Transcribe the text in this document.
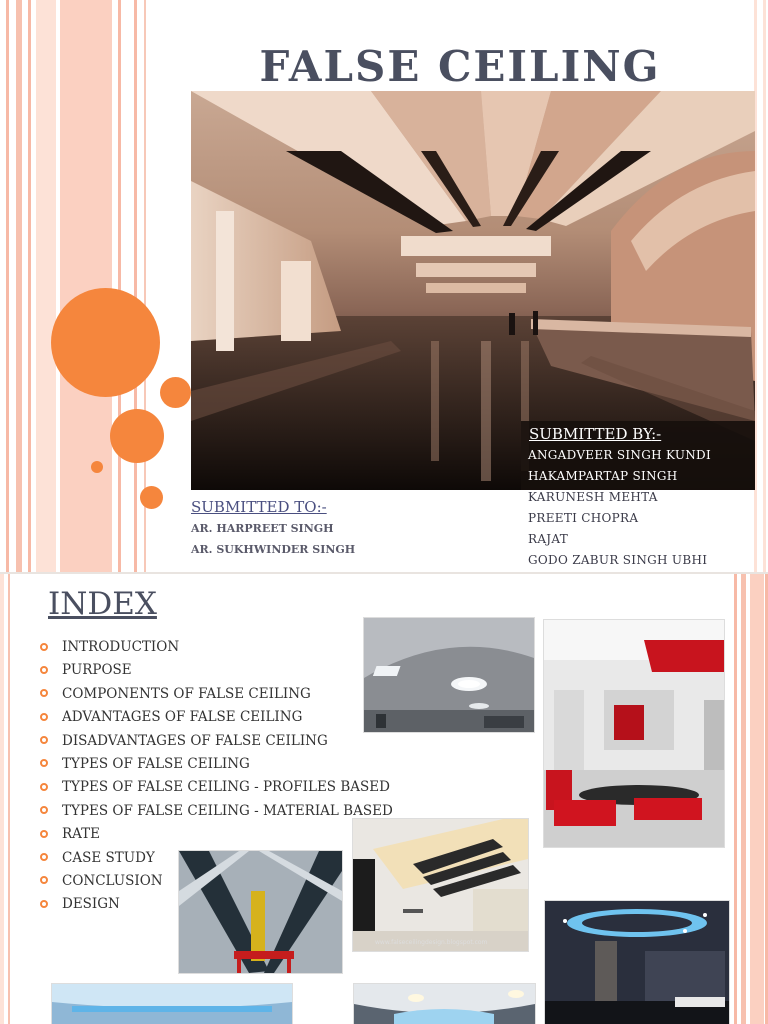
FALSE CEILING
SUBMITTED TO:-
AR. HARPREET SINGH
AR. SUKHWINDER SINGH
SUBMITTED BY:-
ANGADVEER SINGH KUNDI
HAKAMPARTAP SINGH
KARUNESH MEHTA
PREETI CHOPRA
RAJAT
GODO ZABUR SINGH UBHI
INDEX
INTRODUCTION
PURPOSE
COMPONENTS OF FALSE CEILING
ADVANTAGES OF FALSE CEILING
DISADVANTAGES OF FALSE CEILING
TYPES OF FALSE CEILING
TYPES OF FALSE CEILING - PROFILES BASED
TYPES OF FALSE CEILING - MATERIAL BASED
RATE
CASE STUDY
CONCLUSION
DESIGN
www.falseceilingdesign.blogspot.com
